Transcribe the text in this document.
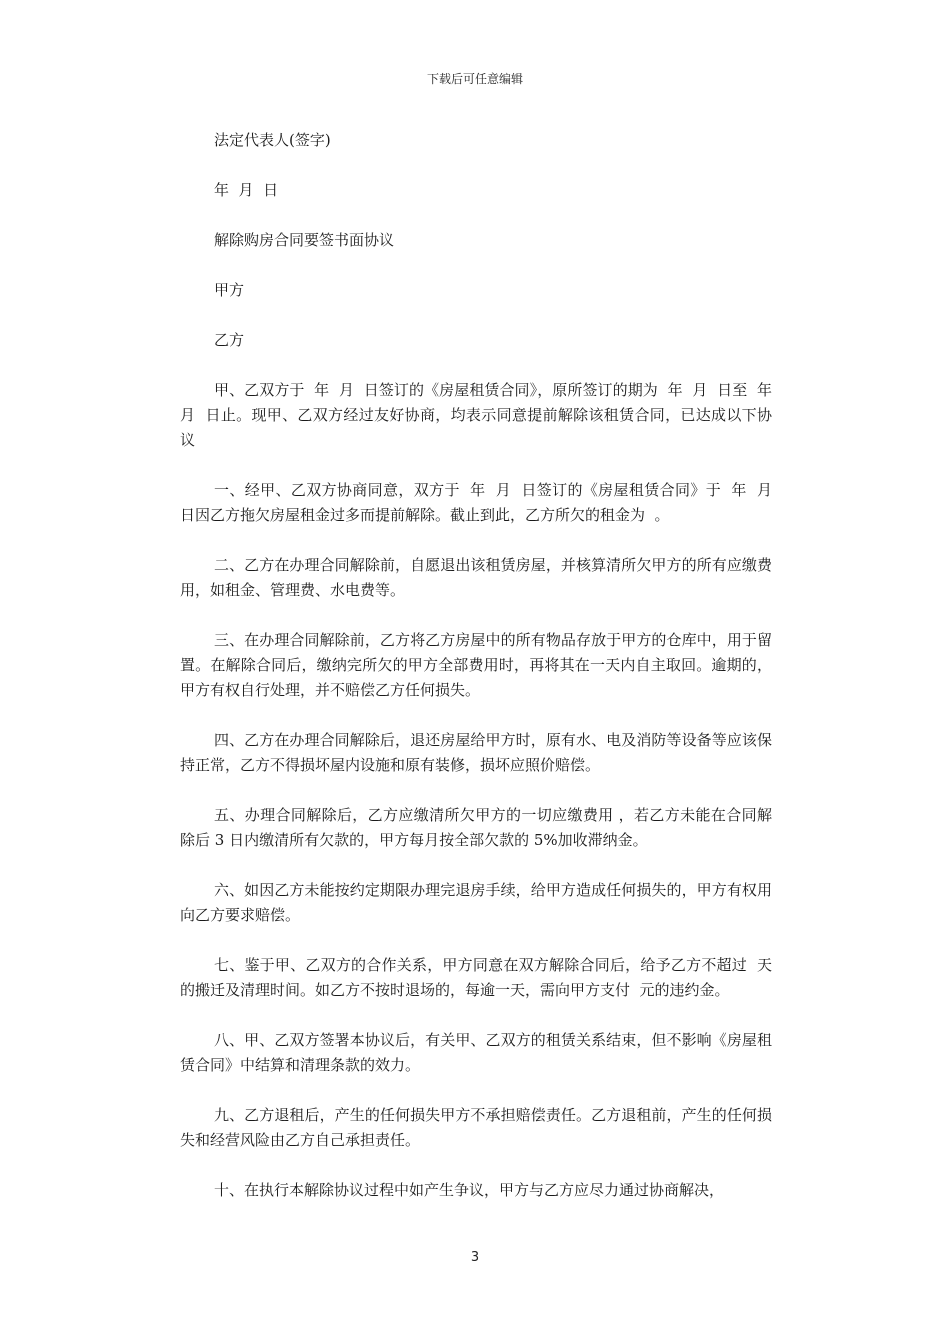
下载后可任意编辑

法定代表人(签字)

年  月  日

解除购房合同要签书面协议

甲方

乙方

甲、乙双方于  年  月  日签订的《房屋租赁合同》，原所签订的期为  年  月  日至  年  月  日止。现甲、乙双方经过友好协商，均表示同意提前解除该租赁合同，已达成以下协议

一、经甲、乙双方协商同意，双方于  年  月  日签订的《房屋租赁合同》于  年  月  日因乙方拖欠房屋租金过多而提前解除。截止到此，乙方所欠的租金为  。

二、乙方在办理合同解除前，自愿退出该租赁房屋，并核算清所欠甲方的所有应缴费用，如租金、管理费、水电费等。

三、在办理合同解除前，乙方将乙方房屋中的所有物品存放于甲方的仓库中，用于留置。在解除合同后，缴纳完所欠的甲方全部费用时，再将其在一天内自主取回。逾期的，甲方有权自行处理，并不赔偿乙方任何损失。

四、乙方在办理合同解除后，退还房屋给甲方时，原有水、电及消防等设备等应该保持正常，乙方不得损坏屋内设施和原有装修，损坏应照价赔偿。

五、办理合同解除后，乙方应缴清所欠甲方的一切应缴费用 ，若乙方未能在合同解除后 3 日内缴清所有欠款的，甲方每月按全部欠款的 5%加收滞纳金。

六、如因乙方未能按约定期限办理完退房手续，给甲方造成任何损失的，甲方有权用向乙方要求赔偿。

七、鉴于甲、乙双方的合作关系，甲方同意在双方解除合同后，给予乙方不超过  天的搬迁及清理时间。如乙方不按时退场的，每逾一天，需向甲方支付  元的违约金。

八、甲、乙双方签署本协议后，有关甲、乙双方的租赁关系结束，但不影响《房屋租赁合同》中结算和清理条款的效力。

九、乙方退租后，产生的任何损失甲方不承担赔偿责任。乙方退租前，产生的任何损失和经营风险由乙方自己承担责任。

十、在执行本解除协议过程中如产生争议，甲方与乙方应尽力通过协商解决，

3
